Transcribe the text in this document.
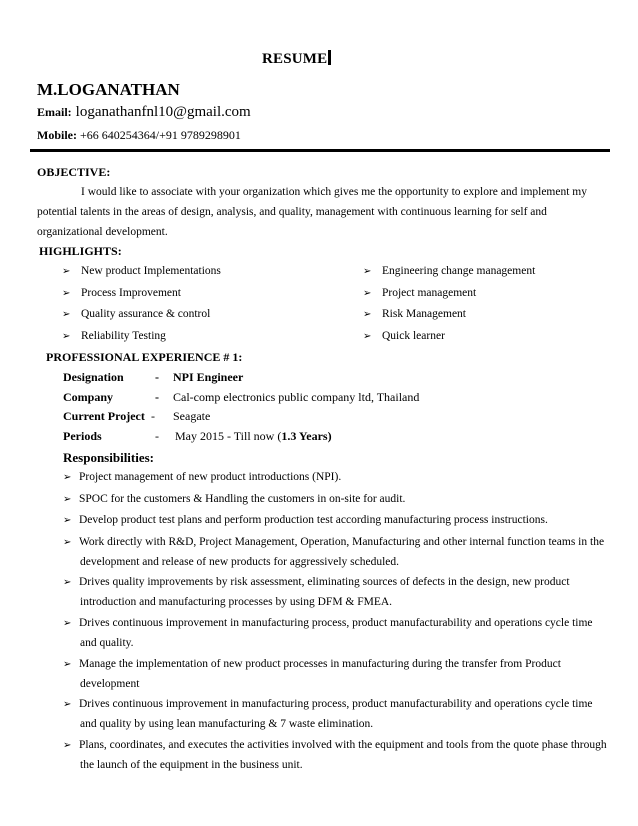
RESUME
M.LOGANATHAN
Email: loganathanfnl10@gmail.com
Mobile: +66 640254364/+91 9789298901
OBJECTIVE:
I would like to associate with your organization which gives me the opportunity to explore and implement my
potential talents in the areas of design, analysis, and quality, management with continuous learning for self and
organizational development.
HIGHLIGHTS:
➢ New product Implementations
➢ Process Improvement
➢ Quality assurance & control
➢ Reliability Testing
➢ Engineering change management
➢ Project management
➢ Risk Management
➢ Quick learner
PROFESSIONAL EXPERIENCE # 1:
Designation	- NPI Engineer
Company	- Cal-comp electronics public company ltd, Thailand
Current Project - Seagate
Periods	- May 2015 - Till now (1.3 Years)
Responsibilities:
➢ Project management of new product introductions (NPI).
➢ SPOC for the customers & Handling the customers in on-site for audit.
➢ Develop product test plans and perform production test according manufacturing process instructions.
➢ Work directly with R&D, Project Management, Operation, Manufacturing and other internal function teams in the
development and release of new products for aggressively scheduled.
➢ Drives quality improvements by risk assessment, eliminating sources of defects in the design, new product
introduction and manufacturing processes by using DFM & FMEA.
➢ Drives continuous improvement in manufacturing process, product manufacturability and operations cycle time
and quality.
➢ Manage the implementation of new product processes in manufacturing during the transfer from Product
development
➢ Drives continuous improvement in manufacturing process, product manufacturability and operations cycle time
and quality by using lean manufacturing & 7 waste elimination.
➢ Plans, coordinates, and executes the activities involved with the equipment and tools from the quote phase through
the launch of the equipment in the business unit.
